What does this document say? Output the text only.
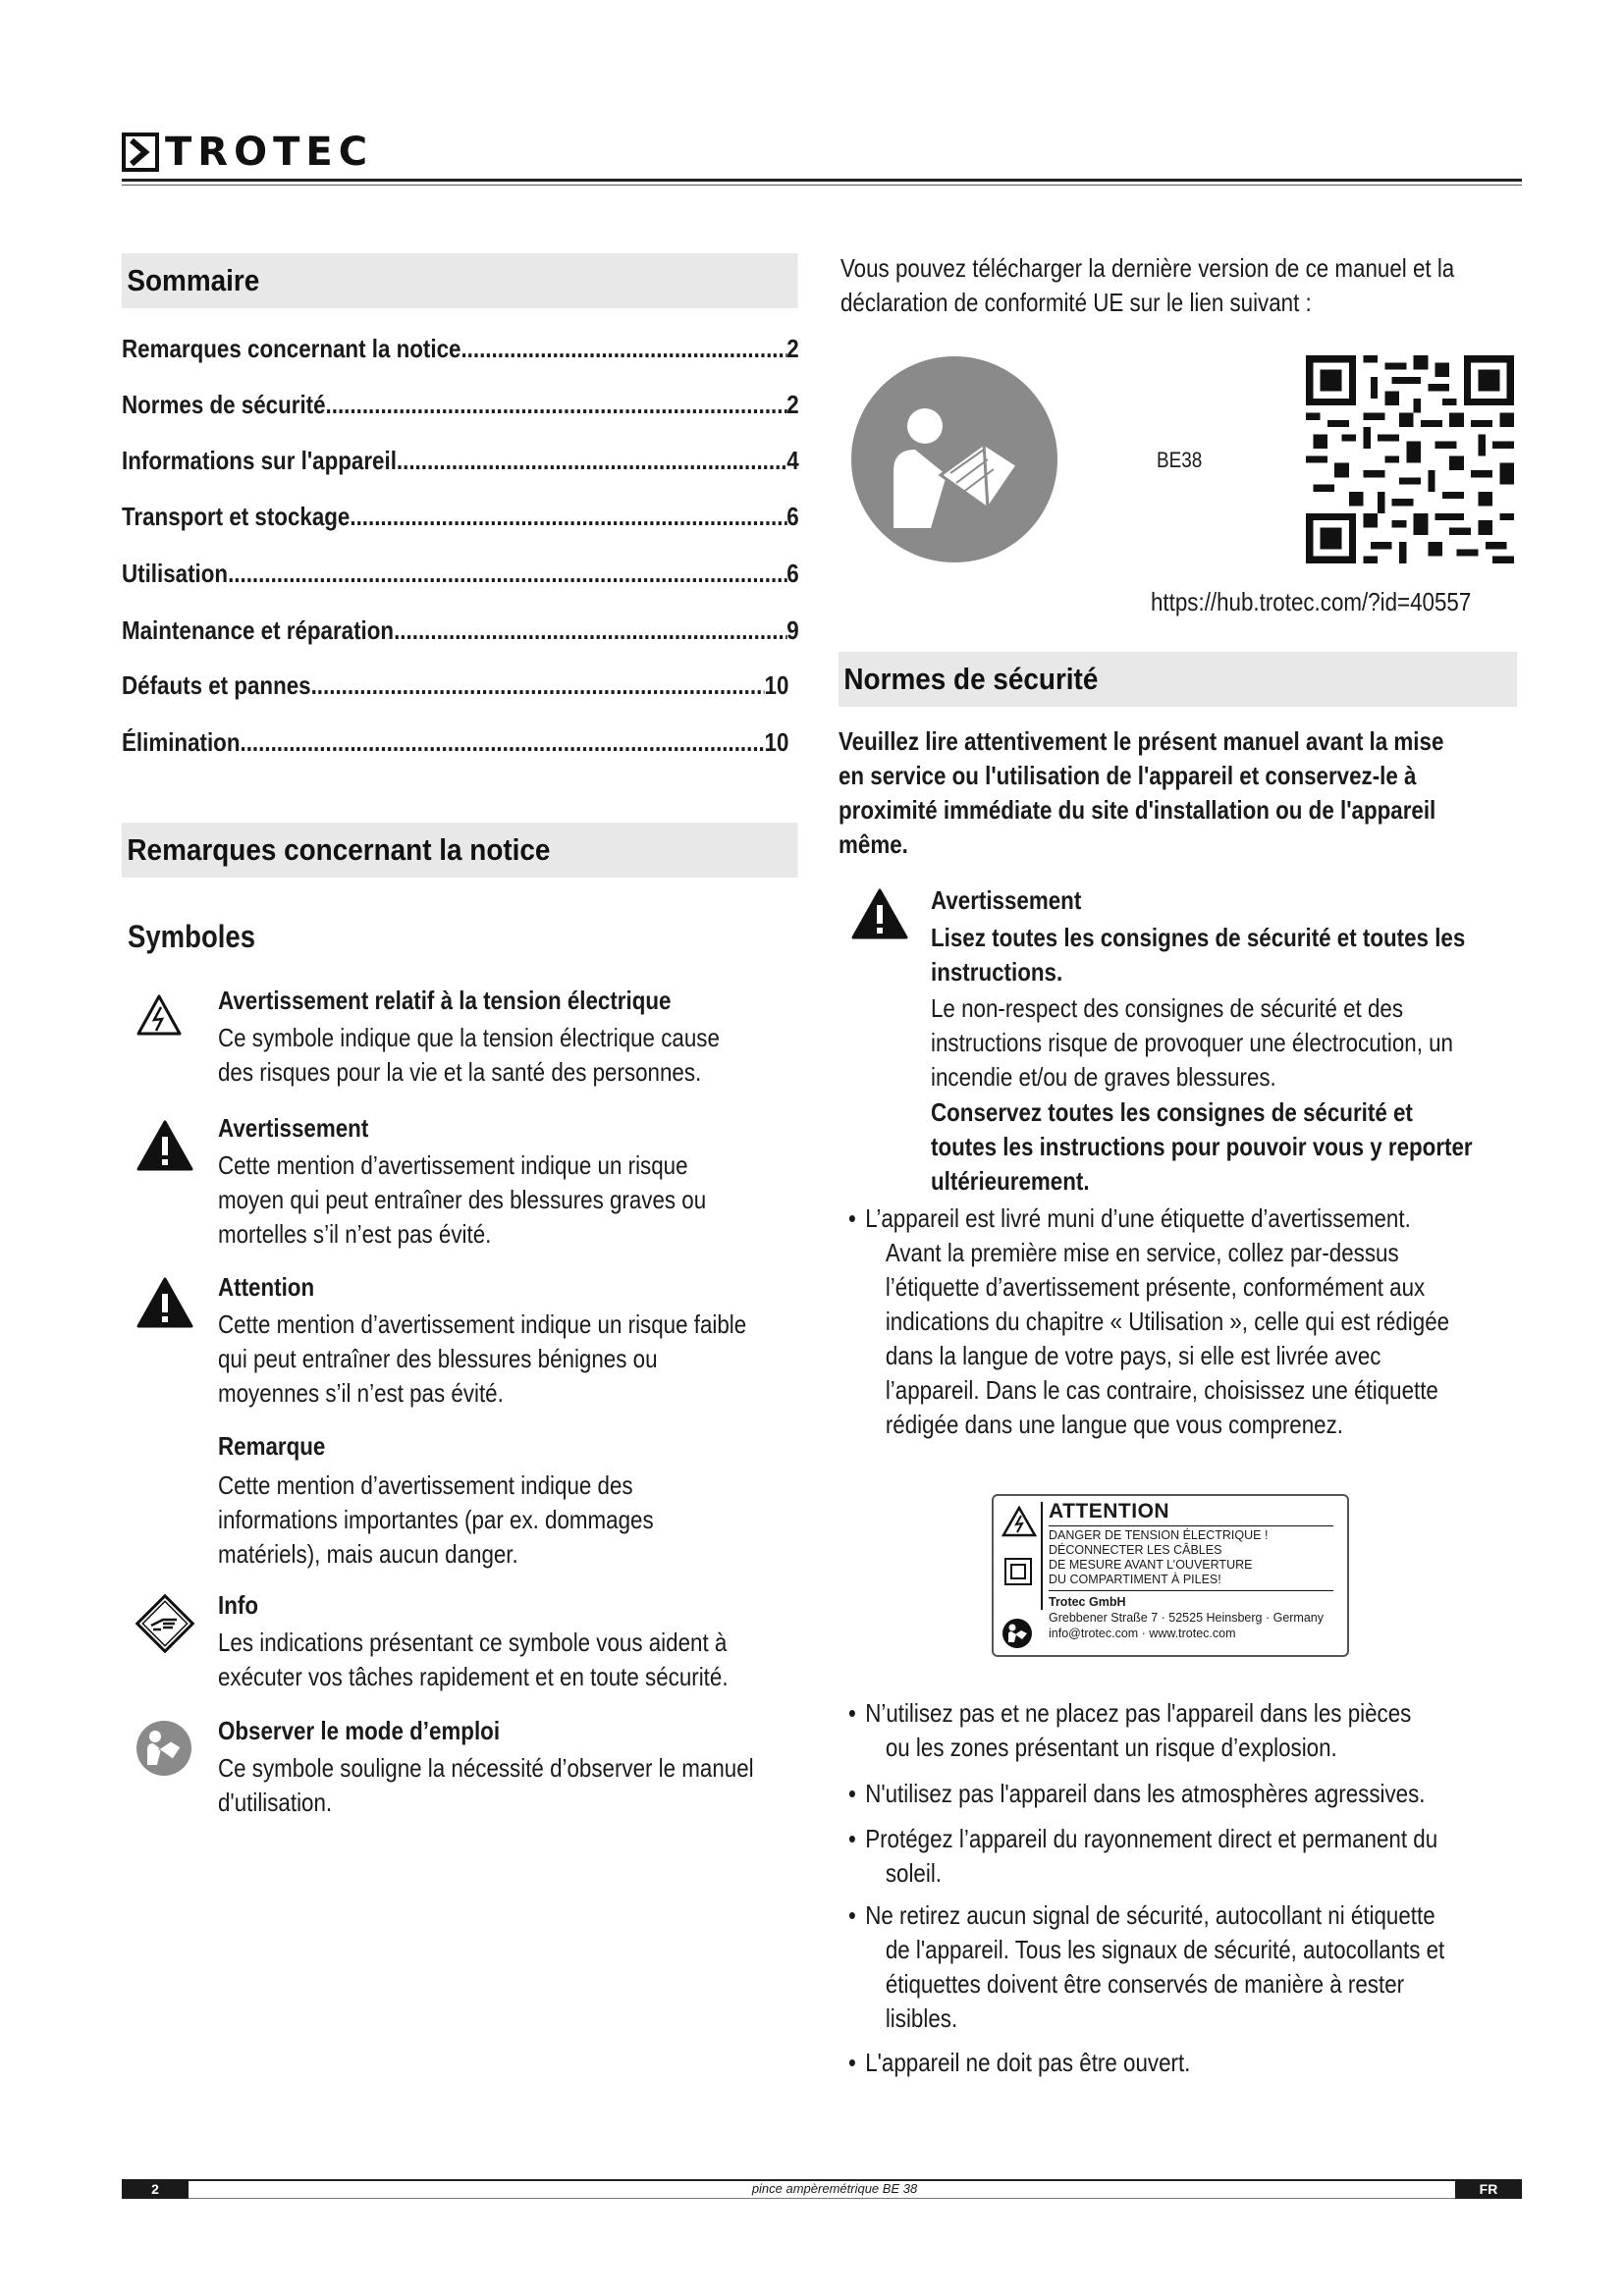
TROTEC
Sommaire
Remarques concernant la notice .....	2
Normes de sécurité .....	2
Informations sur l'appareil .....	4
Transport et stockage .....	6
Utilisation .....	6
Maintenance et réparation .....	9
Défauts et pannes .....	10
Élimination .....	10
Remarques concernant la notice
Symboles
Avertissement relatif à la tension électrique
Ce symbole indique que la tension électrique cause
des risques pour la vie et la santé des personnes.
Avertissement
Cette mention d’avertissement indique un risque
moyen qui peut entraîner des blessures graves ou
mortelles s’il n’est pas évité.
Attention
Cette mention d’avertissement indique un risque faible
qui peut entraîner des blessures bénignes ou
moyennes s’il n’est pas évité.
Remarque
Cette mention d’avertissement indique des
informations importantes (par ex. dommages
matériels), mais aucun danger.
Info
Les indications présentant ce symbole vous aident à
exécuter vos tâches rapidement et en toute sécurité.
Observer le mode d’emploi
Ce symbole souligne la nécessité d’observer le manuel
d'utilisation.
Vous pouvez télécharger la dernière version de ce manuel et la
déclaration de conformité UE sur le lien suivant :
BE38
https://hub.trotec.com/?id=40557
Normes de sécurité
Veuillez lire attentivement le présent manuel avant la mise
en service ou l'utilisation de l'appareil et conservez-le à
proximité immédiate du site d'installation ou de l'appareil
même.
Avertissement
Lisez toutes les consignes de sécurité et toutes les
instructions.
Le non-respect des consignes de sécurité et des
instructions risque de provoquer une électrocution, un
incendie et/ou de graves blessures.
Conservez toutes les consignes de sécurité et
toutes les instructions pour pouvoir vous y reporter
ultérieurement.
• L’appareil est livré muni d’une étiquette d’avertissement.
Avant la première mise en service, collez par-dessus
l’étiquette d’avertissement présente, conformément aux
indications du chapitre « Utilisation », celle qui est rédigée
dans la langue de votre pays, si elle est livrée avec
l’appareil. Dans le cas contraire, choisissez une étiquette
rédigée dans une langue que vous comprenez.
ATTENTION
DANGER DE TENSION ÉLECTRIQUE !
DÉCONNECTER LES CÂBLES
DE MESURE AVANT L’OUVERTURE
DU COMPARTIMENT À PILES!
Trotec GmbH
Grebbener Straße 7 · 52525 Heinsberg · Germany
info@trotec.com · www.trotec.com
• N’utilisez pas et ne placez pas l'appareil dans les pièces
ou les zones présentant un risque d’explosion.
• N'utilisez pas l'appareil dans les atmosphères agressives.
• Protégez l’appareil du rayonnement direct et permanent du
soleil.
• Ne retirez aucun signal de sécurité, autocollant ni étiquette
de l'appareil. Tous les signaux de sécurité, autocollants et
étiquettes doivent être conservés de manière à rester
lisibles.
• L'appareil ne doit pas être ouvert.
2	pince ampèremétrique BE 38	FR
